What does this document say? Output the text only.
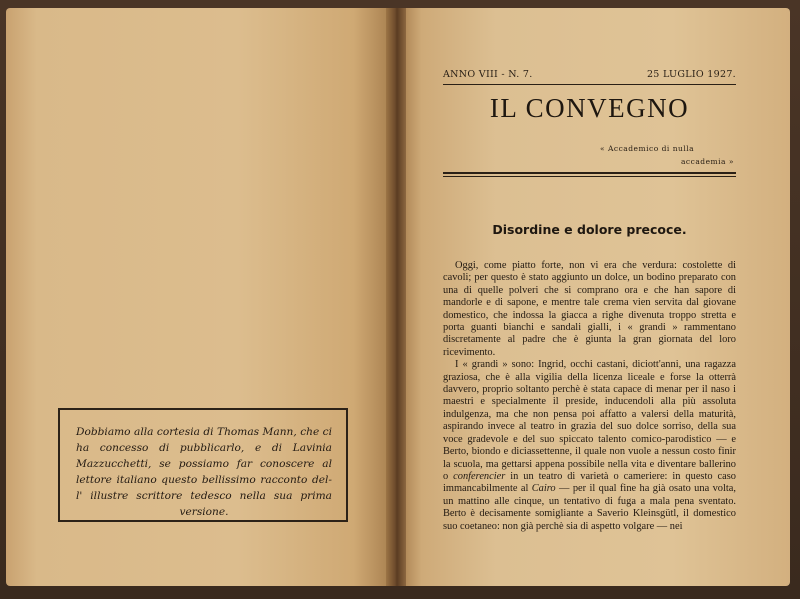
Dobbiamo alla cortesia di Thomas Mann, che ci ha concesso di pubblicarlo, e di Lavinia Mazzucchetti, se possiamo far conoscere al lettore italiano questo bellissimo racconto del-l' illustre scrittore tedesco nella sua prima versione.
ANNO VIII - N. 7.	25 LUGLIO 1927.
IL CONVEGNO
« Accademico di nulla
accademia »
Disordine e dolore precoce.

Oggi, come piatto forte, non vi era che verdura: costolette di cavoli; per questo è stato aggiunto un dolce, un bodino preparato con una di quelle polveri che si comprano ora e che han sapore di mandorle e di sapone, e mentre tale crema vien servita dal giovane domestico, che indossa la giacca a righe divenuta troppo stretta e porta guanti bianchi e sandali gialli, i « grandi » rammentano discretamente al padre che è giunta la gran giornata del loro ricevimento.

I « grandi » sono: Ingrid, occhi castani, diciott'anni, una ragazza graziosa, che è alla vigilia della licenza liceale e forse la otterrà davvero, proprio soltanto perchè è stata capace di menar per il naso i maestri e specialmente il preside, inducendoli alla più assoluta indulgenza, ma che non pensa poi affatto a valersi della maturità, aspirando invece al teatro in grazia del suo dolce sorriso, della sua voce gradevole e del suo spiccato talento comico-parodistico — e Berto, biondo e diciassettenne, il quale non vuole a nessun costo finir la scuola, ma gettarsi appena possibile nella vita e diventare ballerino o conferencier in un teatro di varietà o cameriere: in questo caso immancabilmente al Cairo — per il qual fine ha già osato una volta, un mattino alle cinque, un tentativo di fuga a mala pena sventato. Berto è decisamente somigliante a Saverio Kleinsgütl, il domestico suo coetaneo: non già perchè sia di aspetto volgare — nei
